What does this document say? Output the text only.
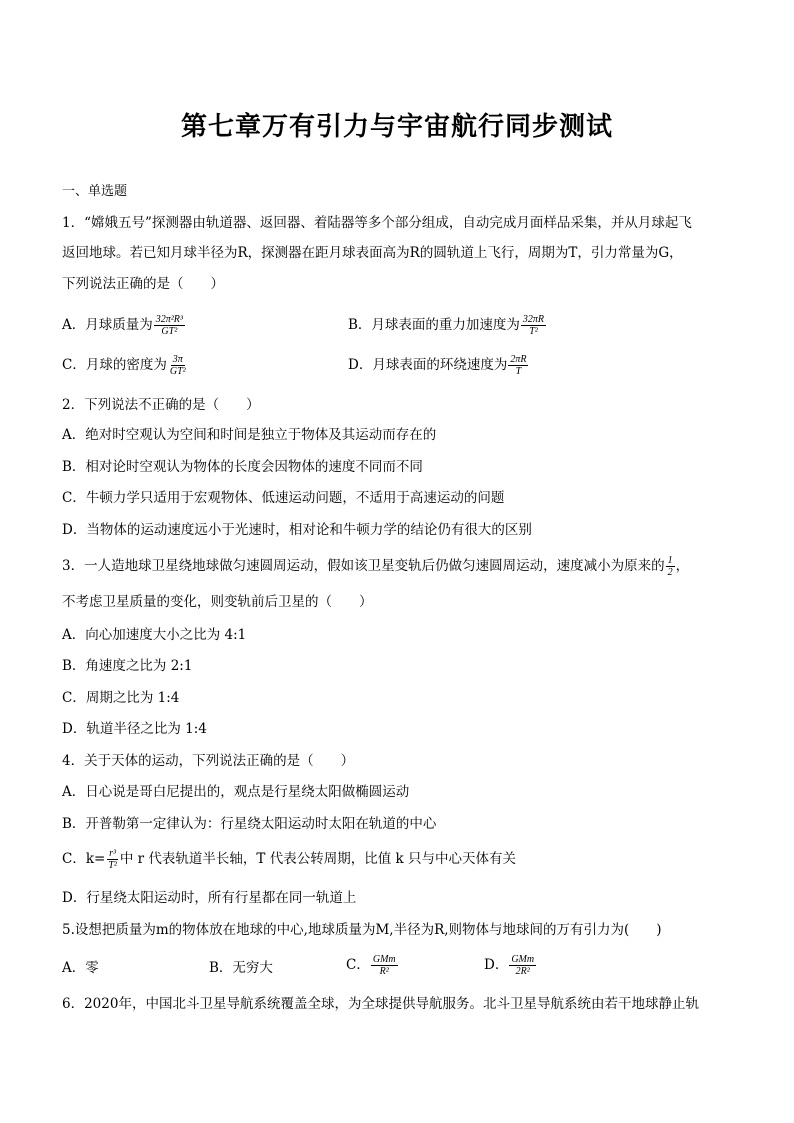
第七章万有引力与宇宙航行同步测试
一、单选题
1．“嫦娥五号”探测器由轨道器、返回器、着陆器等多个部分组成，自动完成月面样品采集，并从月球起飞
返回地球。若已知月球半径为R，探测器在距月球表面高为R的圆轨道上飞行，周期为T，引力常量为G，
下列说法正确的是（　　）
A．月球质量为 $\frac{\text{32π²R³}}{\text{GT²}}$	B．月球表面的重力加速度为 $\frac{32\pi R}{\text{T²}}$
C．月球的密度为 $\frac{3\pi}{\text{GT²}}$	D．月球表面的环绕速度为 $\frac{2\pi R}{T}$
2．下列说法不正确的是（　　）
A．绝对时空观认为空间和时间是独立于物体及其运动而存在的
B．相对论时空观认为物体的长度会因物体的速度不同而不同
C．牛顿力学只适用于宏观物体、低速运动问题，不适用于高速运动的问题
D．当物体的运动速度远小于光速时，相对论和牛顿力学的结论仍有很大的区别
3．一人造地球卫星绕地球做匀速圆周运动，假如该卫星变轨后仍做匀速圆周运动，速度减小为原来的 $\frac{1}{2}$ ，
不考虑卫星质量的变化，则变轨前后卫星的（　　）
A．向心加速度大小之比为 4:1
B．角速度之比为 2:1
C．周期之比为 1:4
D．轨道半径之比为 1:4
4．关于天体的运动，下列说法正确的是（　　）
A．日心说是哥白尼提出的，观点是行星绕太阳做椭圆运动
B．开普勒第一定律认为：行星绕太阳运动时太阳在轨道的中心
C．$k= \frac{\text{r³}}{\text{T²}}$ 中 r 代表轨道半长轴，T 代表公转周期，比值 k 只与中心天体有关
D．行星绕太阳运动时，所有行星都在同一轨道上
5.设想把质量为m的物体放在地球的中心,地球质量为M,半径为R,则物体与地球间的万有引力为(　　)
A．零	B．无穷大	C． $\frac{\text{GMm}}{\text{R²}}$	D． $\frac{\text{GMm}}{\text{2R²}}$
6．2020年，中国北斗卫星导航系统覆盖全球，为全球提供导航服务。北斗卫星导航系统由若干地球静止轨
